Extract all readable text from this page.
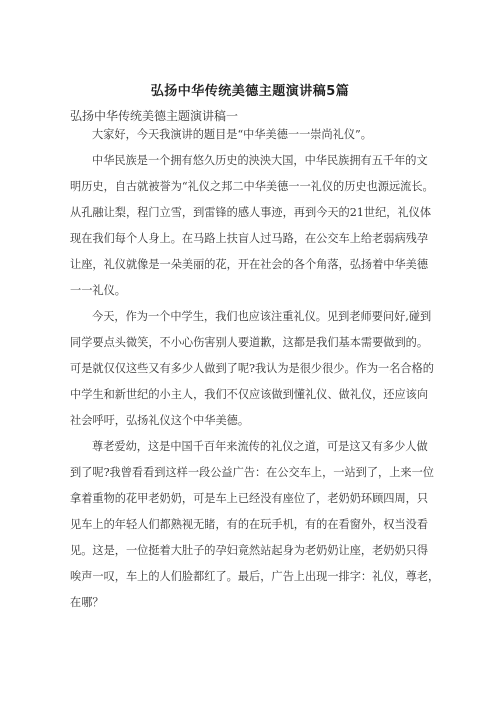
弘扬中华传统美德主题演讲稿5篇
弘扬中华传统美德主题演讲稿一
大家好，今天我演讲的题目是“中华美德一一崇尚礼仪”。
中华民族是一个拥有悠久历史的泱泱大国，中华民族拥有五千年的文
明历史，自古就被誉为“礼仪之邦二中华美德一一礼仪的历史也源远流长。
从孔融让梨，程门立雪，到雷锋的感人事迹，再到今天的21世纪，礼仪体
现在我们每个人身上。在马路上扶盲人过马路，在公交车上给老弱病残孕
让座，礼仪就像是一朵美丽的花，开在社会的各个角落，弘扬着中华美德
一一礼仪。
今天，作为一个中学生，我们也应该注重礼仪。见到老师要问好,碰到
同学要点头微笑，不小心伤害别人要道歉，这都是我们基本需要做到的。
可是就仅仅这些又有多少人做到了呢?我认为是很少很少。作为一名合格的
中学生和新世纪的小主人，我们不仅应该做到懂礼仪、做礼仪，还应该向
社会呼吁，弘扬礼仪这个中华美德。
尊老爱幼，这是中国千百年来流传的礼仪之道，可是这又有多少人做
到了呢?我曾看看到这样一段公益广告：在公交车上，一站到了，上来一位
拿着重物的花甲老奶奶，可是车上已经没有座位了，老奶奶环顾四周，只
见车上的年轻人们都熟视无睹，有的在玩手机，有的在看窗外，权当没看
见。这是，一位挺着大肚子的孕妇竟然站起身为老奶奶让座，老奶奶只得
唉声一叹，车上的人们脸都红了。最后，广告上出现一排字：礼仪，尊老，
在哪？
